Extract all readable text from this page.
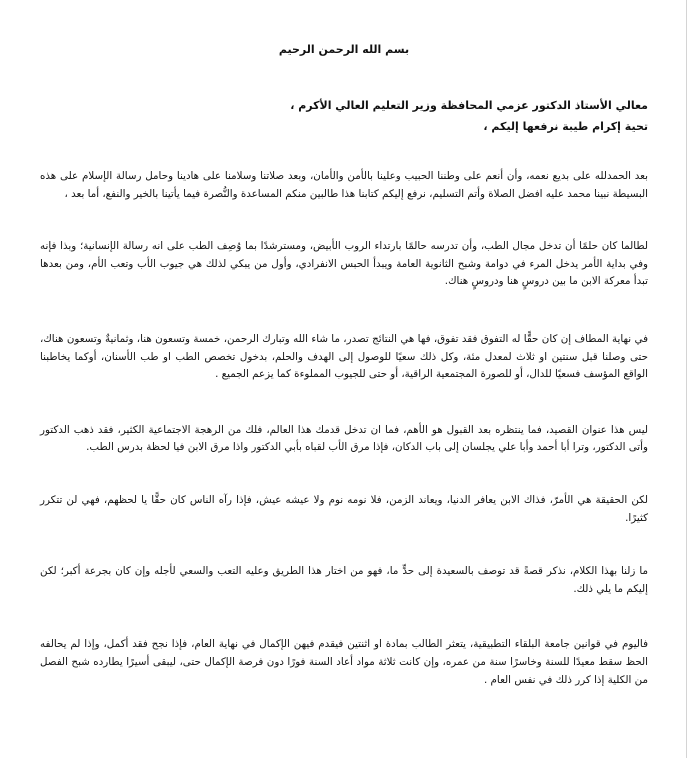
بسم الله الرحمن الرحيم

معالي الأستاذ الدكتور عزمي المحافظة وزير التعليم العالي الأكرم ،

تحية إكرام طيبة نرفعها إليكم ،

بعد الحمدلله على بديع نعمه، وأن أنعم على وطننا الحبيب وعلينا بالأمن والأمان، وبعد صلاتنا وسلامنا على هادينا وحامل رسالة الإسلام على هذه البسيطة نبينا محمد عليه افضل الصلاة وأتم التسليم، نرفع إليكم كتابنا هذا طالبين منكم المساعدة والنُّصرة فيما يأتينا بالخير والنفع، أما بعد ،

لطالما كان حلمًا أن تدخل مجال الطب، وأن تدرسه حالمًا بارتداء الروب الأبيض، ومسترشدًا بما وُصِف الطب على انه رسالة الإنسانية؛ وبذا فإنه وفي بداية الأمر يدخل المرء في دوامة وشبح الثانوية العامة ويبدأ الحبس الانفرادي، وأول من يبكي لذلك هي جيوب الأب وتعب الأم، ومن بعدها تبدأ معركة الابن ما بين دروسٍ هنا ودروسٍ هناك.

في نهاية المطاف إن كان حقًّا له التفوق فقد تفوق، فها هي النتائج تصدر، ما شاء الله وتبارك الرحمن، خمسة وتسعون هنا، وثمانيةٌ وتسعون هناك، حتى وصلنا قبل سنتين او ثلاث لمعدل مئة، وكل ذلك سعيًا للوصول إلى الهدف والحلم، بدخول تخصص الطب او طب الأسنان، أوكما يخاطبنا الواقع المؤسف فسعيًا للدال، أو للصورة المجتمعية الراقية، أو حتى للجيوب المملوءة كما يزعم الجميع .

ليس هذا عنوان القصيد، فما ينتظره بعد القبول هو الأهم، فما ان تدخل قدمك هذا العالم، فلك من الرهجة الاجتماعية الكثير، فقد ذهب الدكتور وأتى الدكتور، وترا أبا أحمد وأبا علي يجلسان إلى باب الدكان، فإذا مرق الأب لقباه بأبي الدكتور واذا مرق الابن فيا لحظة بدرس الطب.

لكن الحقيقة هي الأمرّ، فذاك الابن يعافر الدنيا، ويعاند الزمن، فلا نومه نوم ولا عيشه عيش، فإذا رآه الناس كان حقًّا يا لحظهم، فهي لن تتكرر كثيرًا.

ما زلنا بهذا الكلام، نذكر قصةً قد توصف بالسعيدة إلى حدٍّ ما، فهو من اختار هذا الطريق وعليه التعب والسعي لأجله وإن كان بجرعة أكبر؛ لكن إليكم ما يلي ذلك.

فاليوم في قوانين جامعة البلقاء التطبيقية، يتعثر الطالب بمادة او اثنتين فيقدم فيهن الإكمال في نهاية العام، فإذا نجح فقد أكمل، وإذا لم يحالفه الحظ سقط معيدًا للسنة وخاسرًا سنة من عمره، وإن كانت ثلاثة مواد أعاد السنة فورًا دون فرصة الإكمال حتى، ليبقى أسيرًا يطارده شبح الفصل من الكلية إذا كرر ذلك في نفس العام .
